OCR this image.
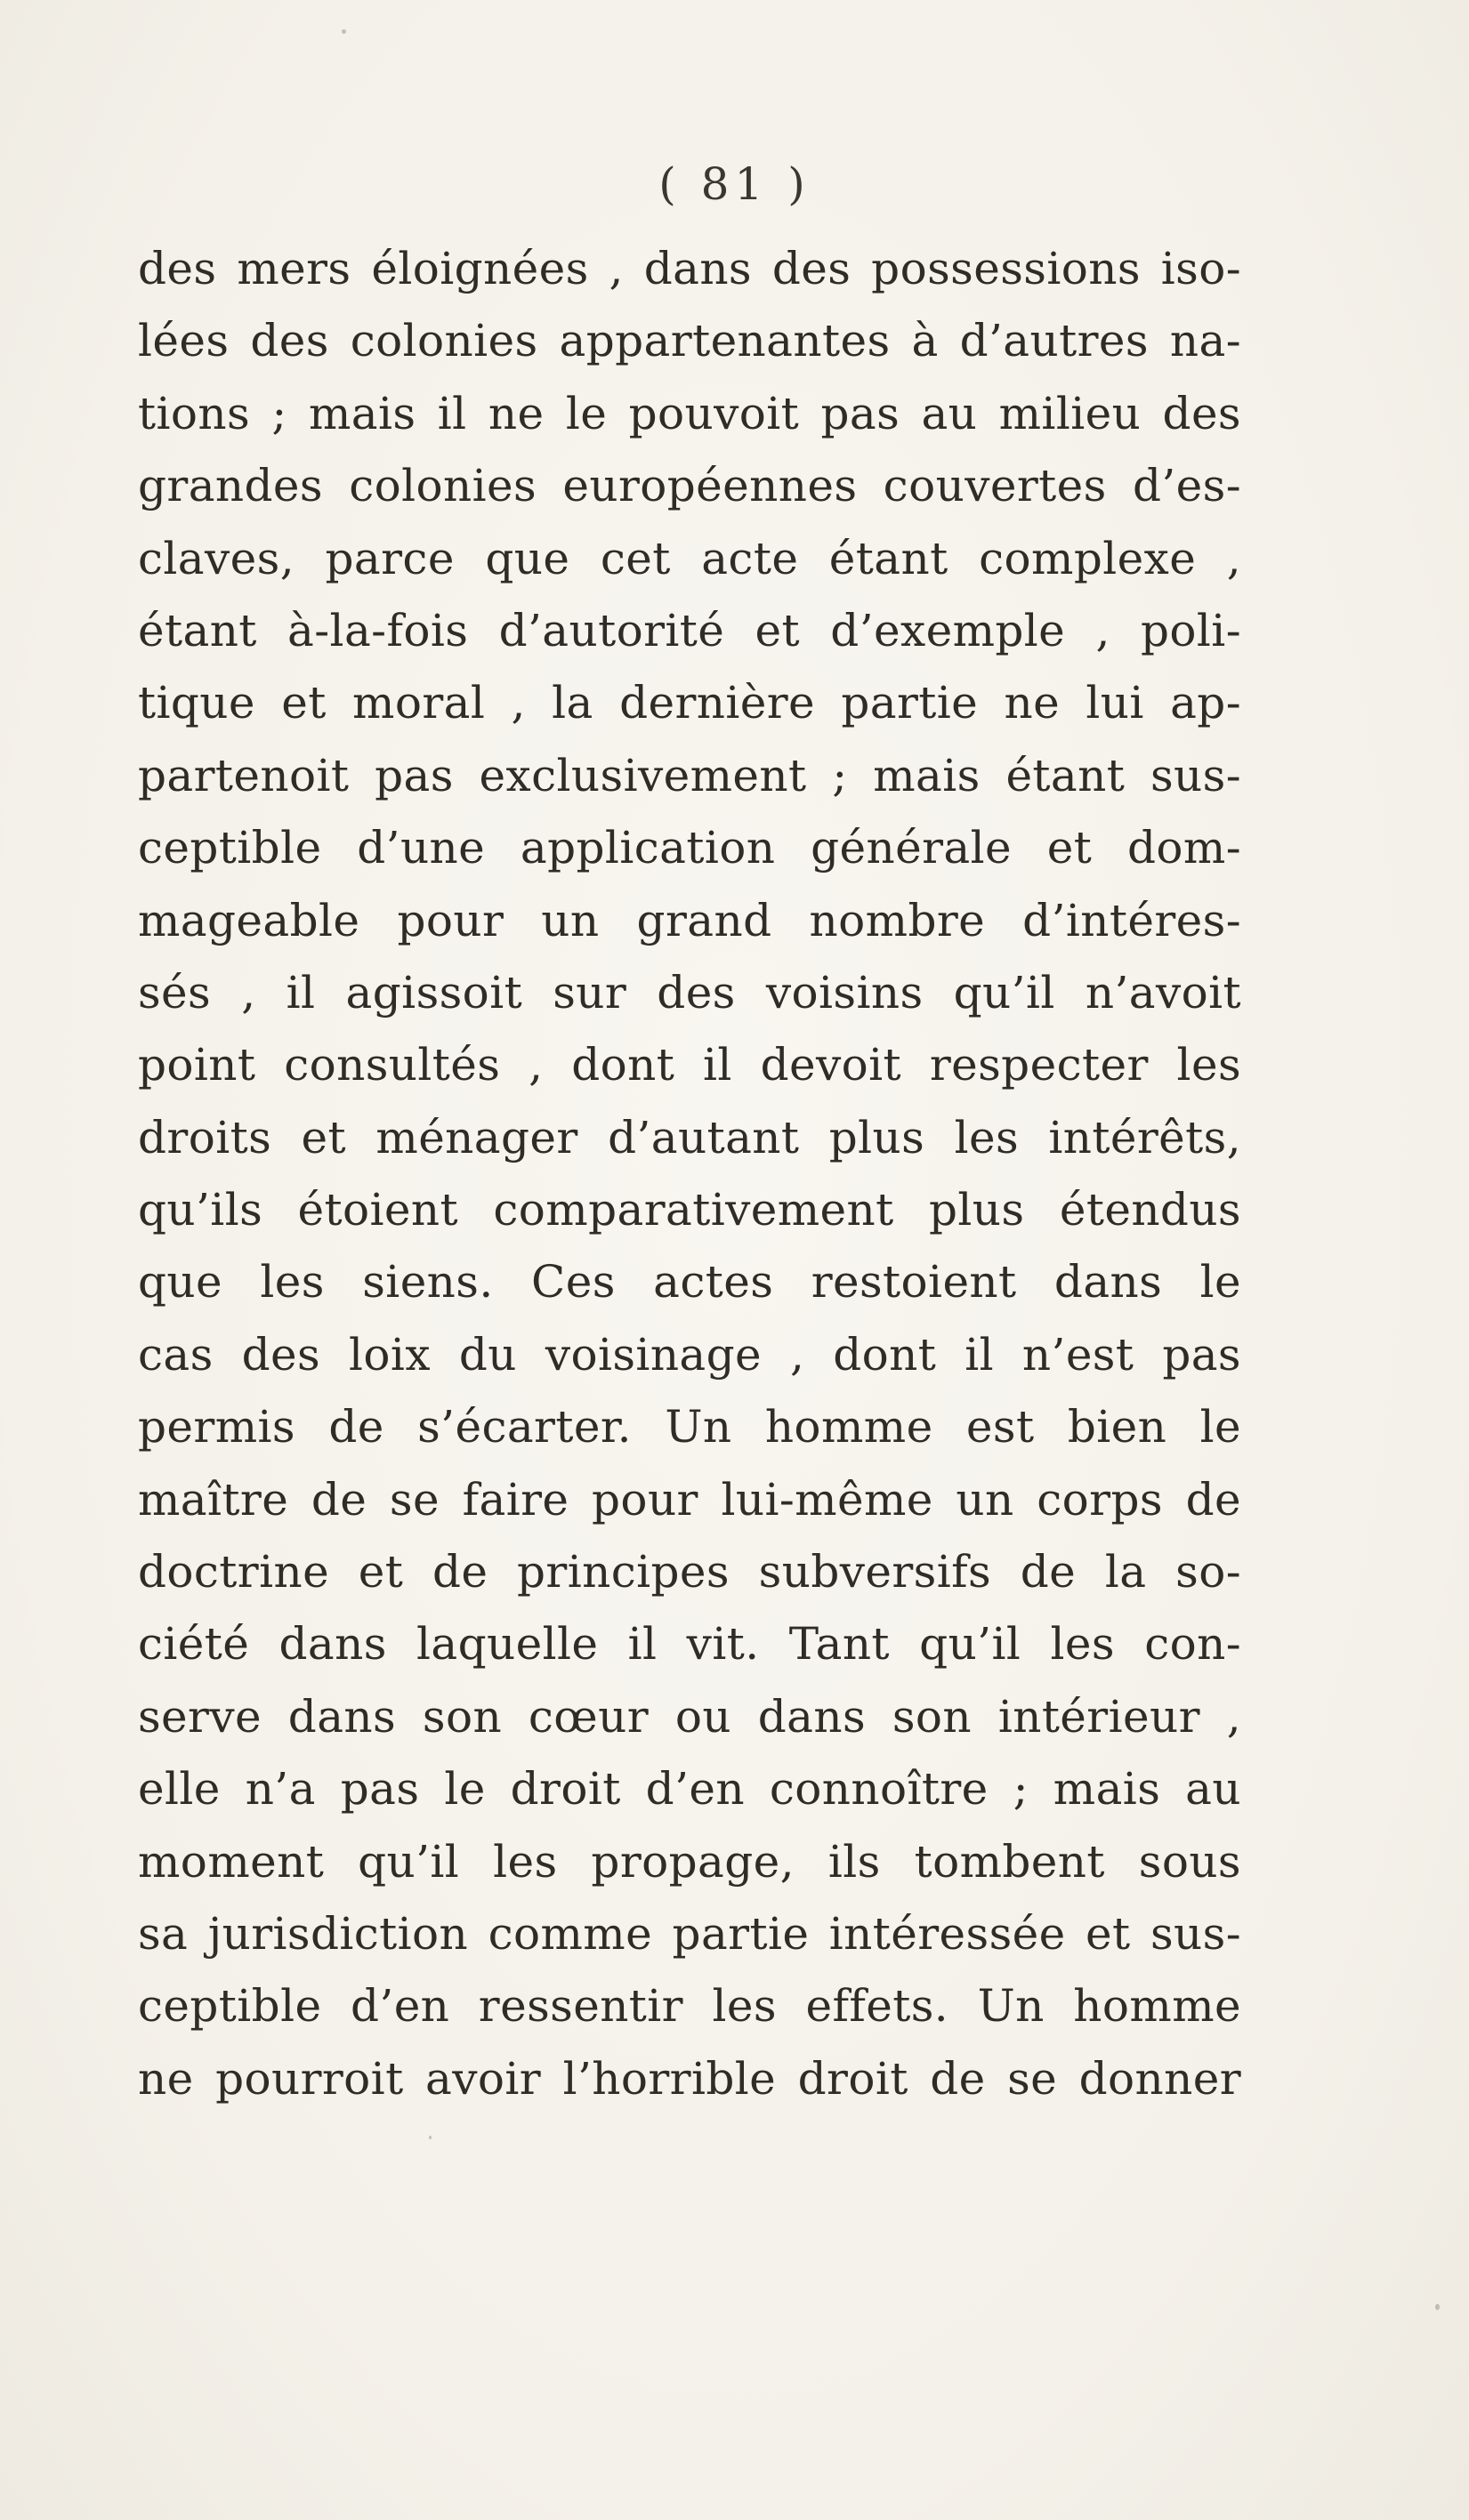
( 81 )
des mers éloignées , dans des possessions iso-
lées des colonies appartenantes à d’autres na-
tions ; mais il ne le pouvoit pas au milieu des
grandes colonies européennes couvertes d’es-
claves, parce que cet acte étant complexe ,
étant à-la-fois d’autorité et d’exemple , poli-
tique et moral , la dernière partie ne lui ap-
partenoit pas exclusivement ; mais étant sus-
ceptible d’une application générale et dom-
mageable pour un grand nombre d’intéres-
sés , il agissoit sur des voisins qu’il n’avoit
point consultés , dont il devoit respecter les
droits et ménager d’autant plus les intérêts,
qu’ils étoient comparativement plus étendus
que les siens. Ces actes restoient dans le
cas des loix du voisinage , dont il n’est pas
permis de s’écarter. Un homme est bien le
maître de se faire pour lui-même un corps de
doctrine et de principes subversifs de la so-
ciété dans laquelle il vit. Tant qu’il les con-
serve dans son cœur ou dans son intérieur ,
elle n’a pas le droit d’en connoître ; mais au
moment qu’il les propage, ils tombent sous
sa jurisdiction comme partie intéressée et sus-
ceptible d’en ressentir les effets. Un homme
ne pourroit avoir l’horrible droit de se donner
